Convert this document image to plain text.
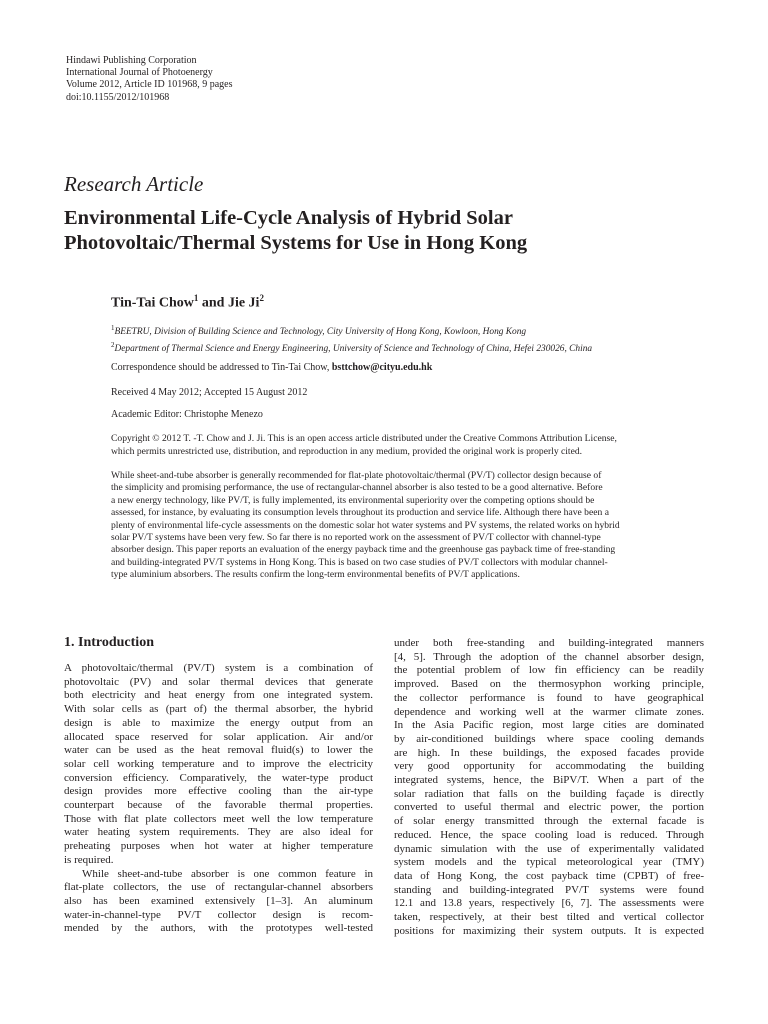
Hindawi Publishing Corporation
International Journal of Photoenergy
Volume 2012, Article ID 101968, 9 pages
doi:10.1155/2012/101968
Research Article
Environmental Life-Cycle Analysis of Hybrid Solar
Photovoltaic/Thermal Systems for Use in Hong Kong
Tin-Tai Chow$^1$ and Jie Ji$^2$
$^1$BEETRU, Division of Building Science and Technology, City University of Hong Kong, Kowloon, Hong Kong
$^2$Department of Thermal Science and Energy Engineering, University of Science and Technology of China, Hefei 230026, China
Correspondence should be addressed to Tin-Tai Chow, bsttchow@cityu.edu.hk
Received 4 May 2012; Accepted 15 August 2012
Academic Editor: Christophe Menezo
Copyright © 2012 T. -T. Chow and J. Ji. This is an open access article distributed under the Creative Commons Attribution License,
which permits unrestricted use, distribution, and reproduction in any medium, provided the original work is properly cited.
While sheet-and-tube absorber is generally recommended for flat-plate photovoltaic/thermal (PV/T) collector design because of
the simplicity and promising performance, the use of rectangular-channel absorber is also tested to be a good alternative. Before
a new energy technology, like PV/T, is fully implemented, its environmental superiority over the competing options should be
assessed, for instance, by evaluating its consumption levels throughout its production and service life. Although there have been a
plenty of environmental life-cycle assessments on the domestic solar hot water systems and PV systems, the related works on hybrid
solar PV/T systems have been very few. So far there is no reported work on the assessment of PV/T collector with channel-type
absorber design. This paper reports an evaluation of the energy payback time and the greenhouse gas payback time of free-standing
and building-integrated PV/T systems in Hong Kong. This is based on two case studies of PV/T collectors with modular channel-
type aluminium absorbers. The results confirm the long-term environmental benefits of PV/T applications.
1. Introduction
A photovoltaic/thermal (PV/T) system is a combination of
photovoltaic (PV) and solar thermal devices that generate
both electricity and heat energy from one integrated system.
With solar cells as (part of) the thermal absorber, the hybrid
design is able to maximize the energy output from an
allocated space reserved for solar application. Air and/or
water can be used as the heat removal fluid(s) to lower the
solar cell working temperature and to improve the electricity
conversion efficiency. Comparatively, the water-type product
design provides more effective cooling than the air-type
counterpart because of the favorable thermal properties.
Those with flat plate collectors meet well the low temperature
water heating system requirements. They are also ideal for
preheating purposes when hot water at higher temperature
is required.
While sheet-and-tube absorber is one common feature in
flat-plate collectors, the use of rectangular-channel absorbers
also has been examined extensively [1–3]. An aluminum
water-in-channel-type PV/T collector design is recom-
mended by the authors, with the prototypes well-tested
under both free-standing and building-integrated manners
[4, 5]. Through the adoption of the channel absorber design,
the potential problem of low fin efficiency can be readily
improved. Based on the thermosyphon working principle,
the collector performance is found to have geographical
dependence and working well at the warmer climate zones.
In the Asia Pacific region, most large cities are dominated
by air-conditioned buildings where space cooling demands
are high. In these buildings, the exposed facades provide
very good opportunity for accommodating the building
integrated systems, hence, the BiPV/T. When a part of the
solar radiation that falls on the building façade is directly
converted to useful thermal and electric power, the portion
of solar energy transmitted through the external facade is
reduced. Hence, the space cooling load is reduced. Through
dynamic simulation with the use of experimentally validated
system models and the typical meteorological year (TMY)
data of Hong Kong, the cost payback time (CPBT) of free-
standing and building-integrated PV/T systems were found
12.1 and 13.8 years, respectively [6, 7]. The assessments were
taken, respectively, at their best tilted and vertical collector
positions for maximizing their system outputs. It is expected
